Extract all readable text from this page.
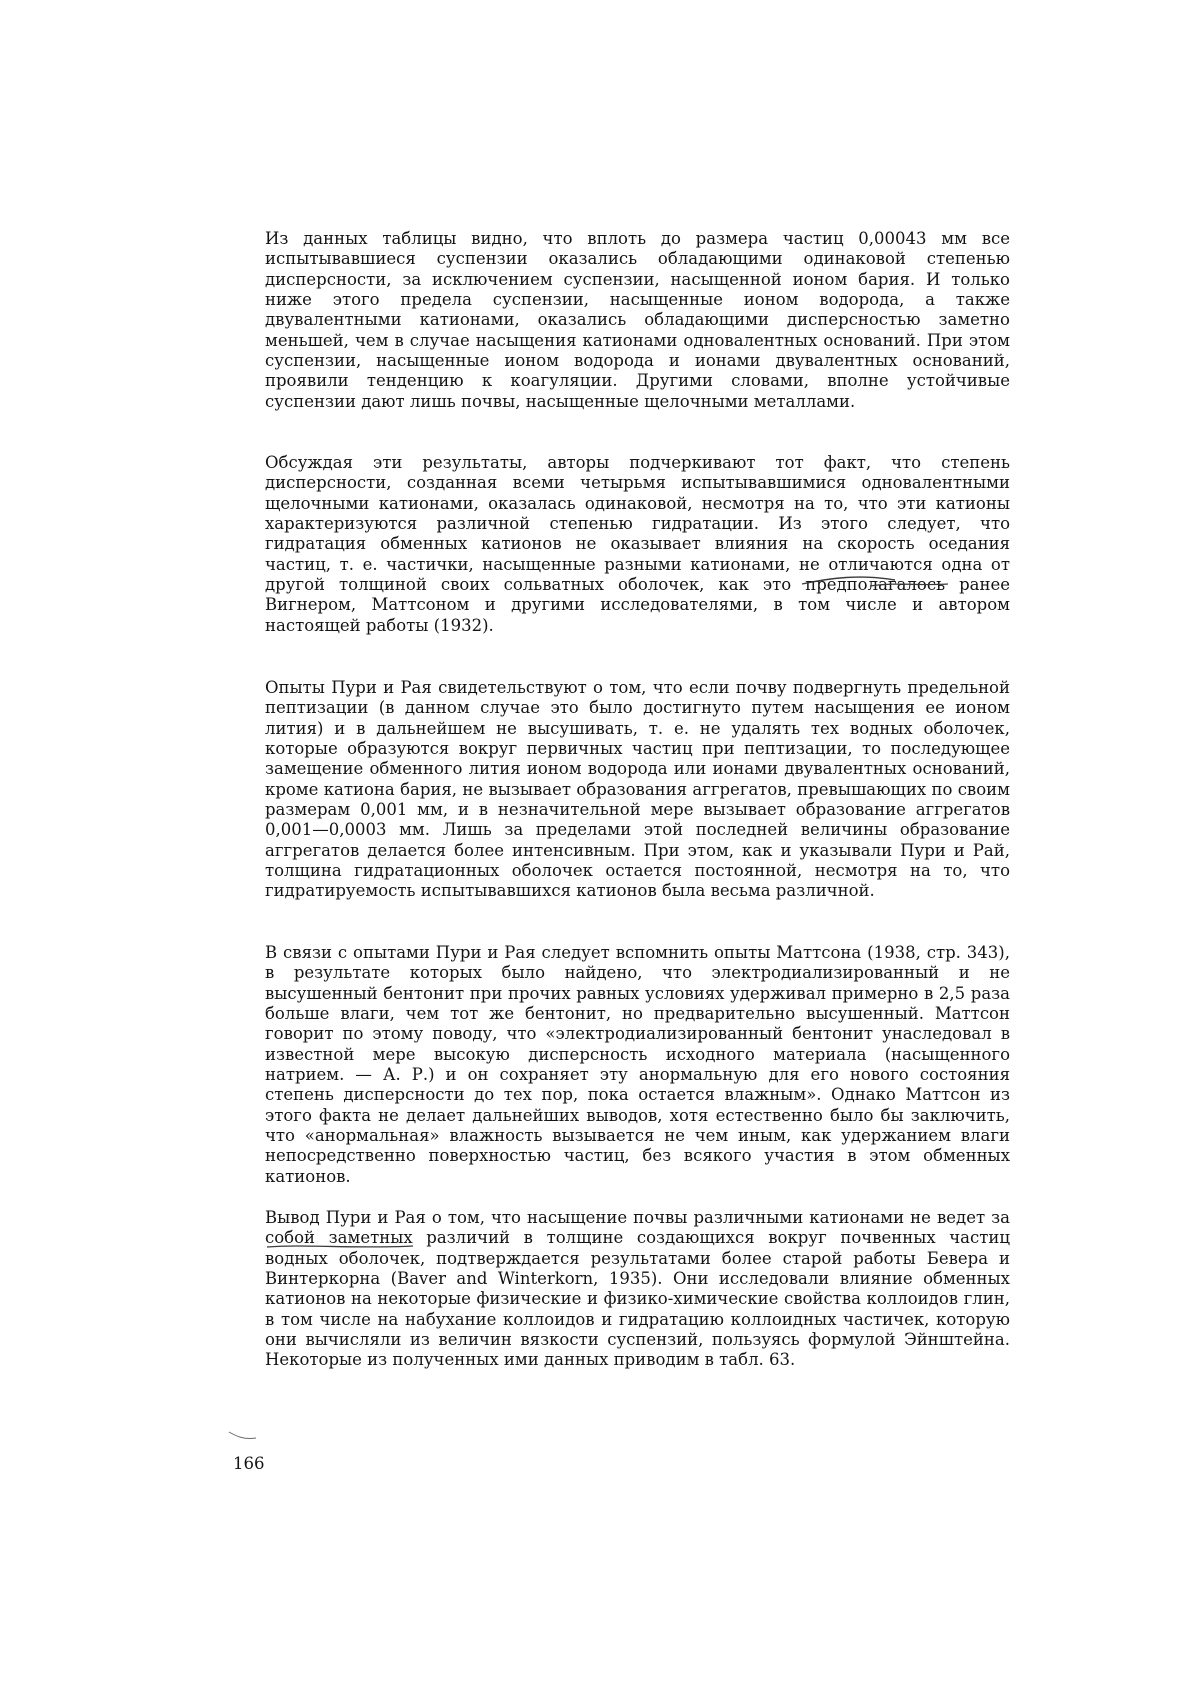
Из данных таблицы видно, что вплоть до размера частиц 0,00043 мм все испытывавшиеся суспензии оказались обладающими одинаковой степенью дисперсности, за исключением суспензии, насыщенной ионом бария. И только ниже этого предела суспензии, насыщенные ионом водорода, а также двувалентными катионами, оказались обладающими дисперсностью заметно меньшей, чем в случае насыщения катионами одновалентных оснований. При этом суспензии, насыщенные ионом водорода и ионами двувалентных оснований, проявили тенденцию к коагуляции. Другими словами, вполне устойчивые суспензии дают лишь почвы, насыщенные щелочными металлами.

Обсуждая эти результаты, авторы подчеркивают тот факт, что степень дисперсности, созданная всеми четырьмя испытывавшимися одновалентными щелочными катионами, оказалась одинаковой, несмотря на то, что эти катионы характеризуются различной степенью гидратации. Из этого следует, что гидратация обменных катионов не оказывает влияния на скорость оседания частиц, т. е. частички, насыщенные разными катионами, не отличаются одна от другой толщиной своих сольватных оболочек, как это предполагалось ранее Вигнером, Маттсоном и другими исследователями, в том числе и автором настоящей работы (1932).

Опыты Пури и Рая свидетельствуют о том, что если почву подвергнуть предельной пептизации (в данном случае это было достигнуто путем насыщения ее ионом лития) и в дальнейшем не высушивать, т. е. не удалять тех водных оболочек, которые образуются вокруг первичных частиц при пептизации, то последующее замещение обменного лития ионом водорода или ионами двувалентных оснований, кроме катиона бария, не вызывает образования аггрегатов, превышающих по своим размерам 0,001 мм, и в незначительной мере вызывает образование аггрегатов 0,001—0,0003 мм. Лишь за пределами этой последней величины образование аггрегатов делается более интенсивным. При этом, как и указывали Пури и Рай, толщина гидратационных оболочек остается постоянной, несмотря на то, что гидратируемость испытывавшихся катионов была весьма различной.

В связи с опытами Пури и Рая следует вспомнить опыты Маттсона (1938, стр. 343), в результате которых было найдено, что электродиализированный и не высушенный бентонит при прочих равных условиях удерживал примерно в 2,5 раза больше влаги, чем тот же бентонит, но предварительно высушенный. Маттсон говорит по этому поводу, что «электродиализированный бентонит унаследовал в известной мере высокую дисперсность исходного материала (насыщенного натрием. — А. Р.) и он сохраняет эту анормальную для его нового состояния степень дисперсности до тех пор, пока остается влажным». Однако Маттсон из этого факта не делает дальнейших выводов, хотя естественно было бы заключить, что «анормальная» влажность вызывается не чем иным, как удержанием влаги непосредственно поверхностью частиц, без всякого участия в этом обменных катионов.

Вывод Пури и Рая о том, что насыщение почвы различными катионами не ведет за собой заметных различий в толщине создающихся вокруг почвенных частиц водных оболочек, подтверждается результатами более старой работы Бевера и Винтеркорна (Baver and Winterkorn, 1935). Они исследовали влияние обменных катионов на некоторые физические и физико-химические свойства коллоидов глин, в том числе на набухание коллоидов и гидратацию коллоидных частичек, которую они вычисляли из величин вязкости суспензий, пользуясь формулой Эйнштейна. Некоторые из полученных ими данных приводим в табл. 63.

166
